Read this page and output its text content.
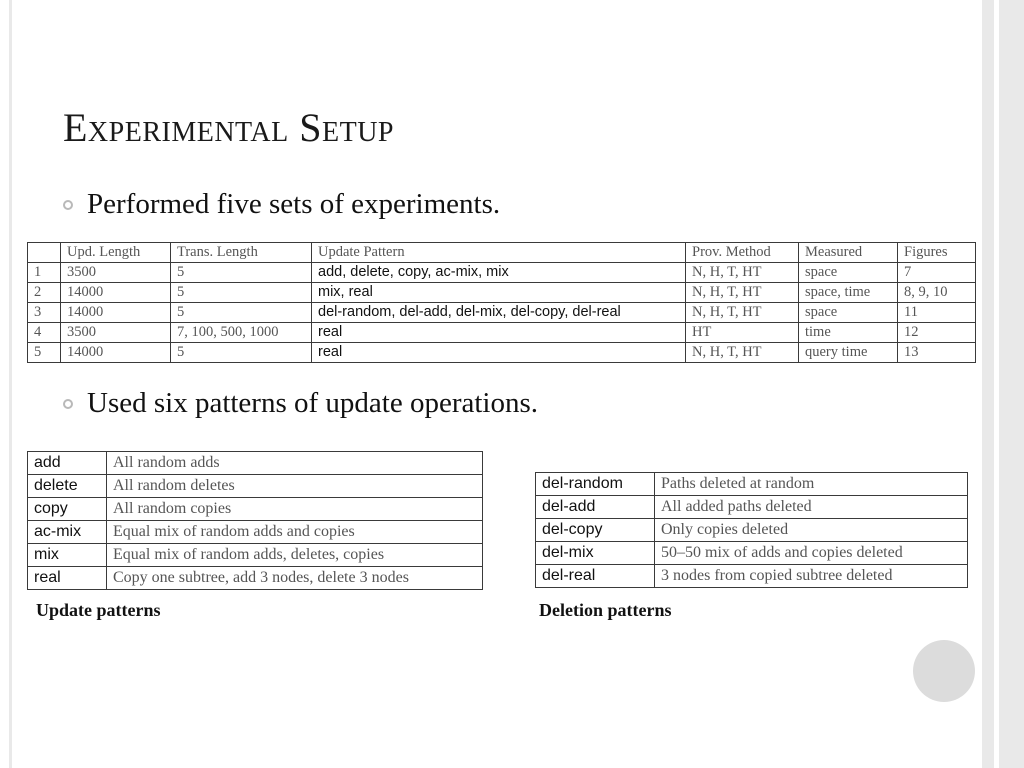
Experimental Setup
Performed five sets of experiments.
	Upd. Length	Trans. Length	Update Pattern	Prov. Method	Measured	Figures
1	3500	5	add, delete, copy, ac-mix, mix	N, H, T, HT	space	7
2	14000	5	mix, real	N, H, T, HT	space, time	8, 9, 10
3	14000	5	del-random, del-add, del-mix, del-copy, del-real	N, H, T, HT	space	11
4	3500	7, 100, 500, 1000	real	HT	time	12
5	14000	5	real	N, H, T, HT	query time	13
Used six patterns of update operations.
add	All random adds
delete	All random deletes
copy	All random copies
ac-mix	Equal mix of random adds and copies
mix	Equal mix of random adds, deletes, copies
real	Copy one subtree, add 3 nodes, delete 3 nodes
del-random	Paths deleted at random
del-add	All added paths deleted
del-copy	Only copies deleted
del-mix	50–50 mix of adds and copies deleted
del-real	3 nodes from copied subtree deleted
Update patterns	Deletion patterns
